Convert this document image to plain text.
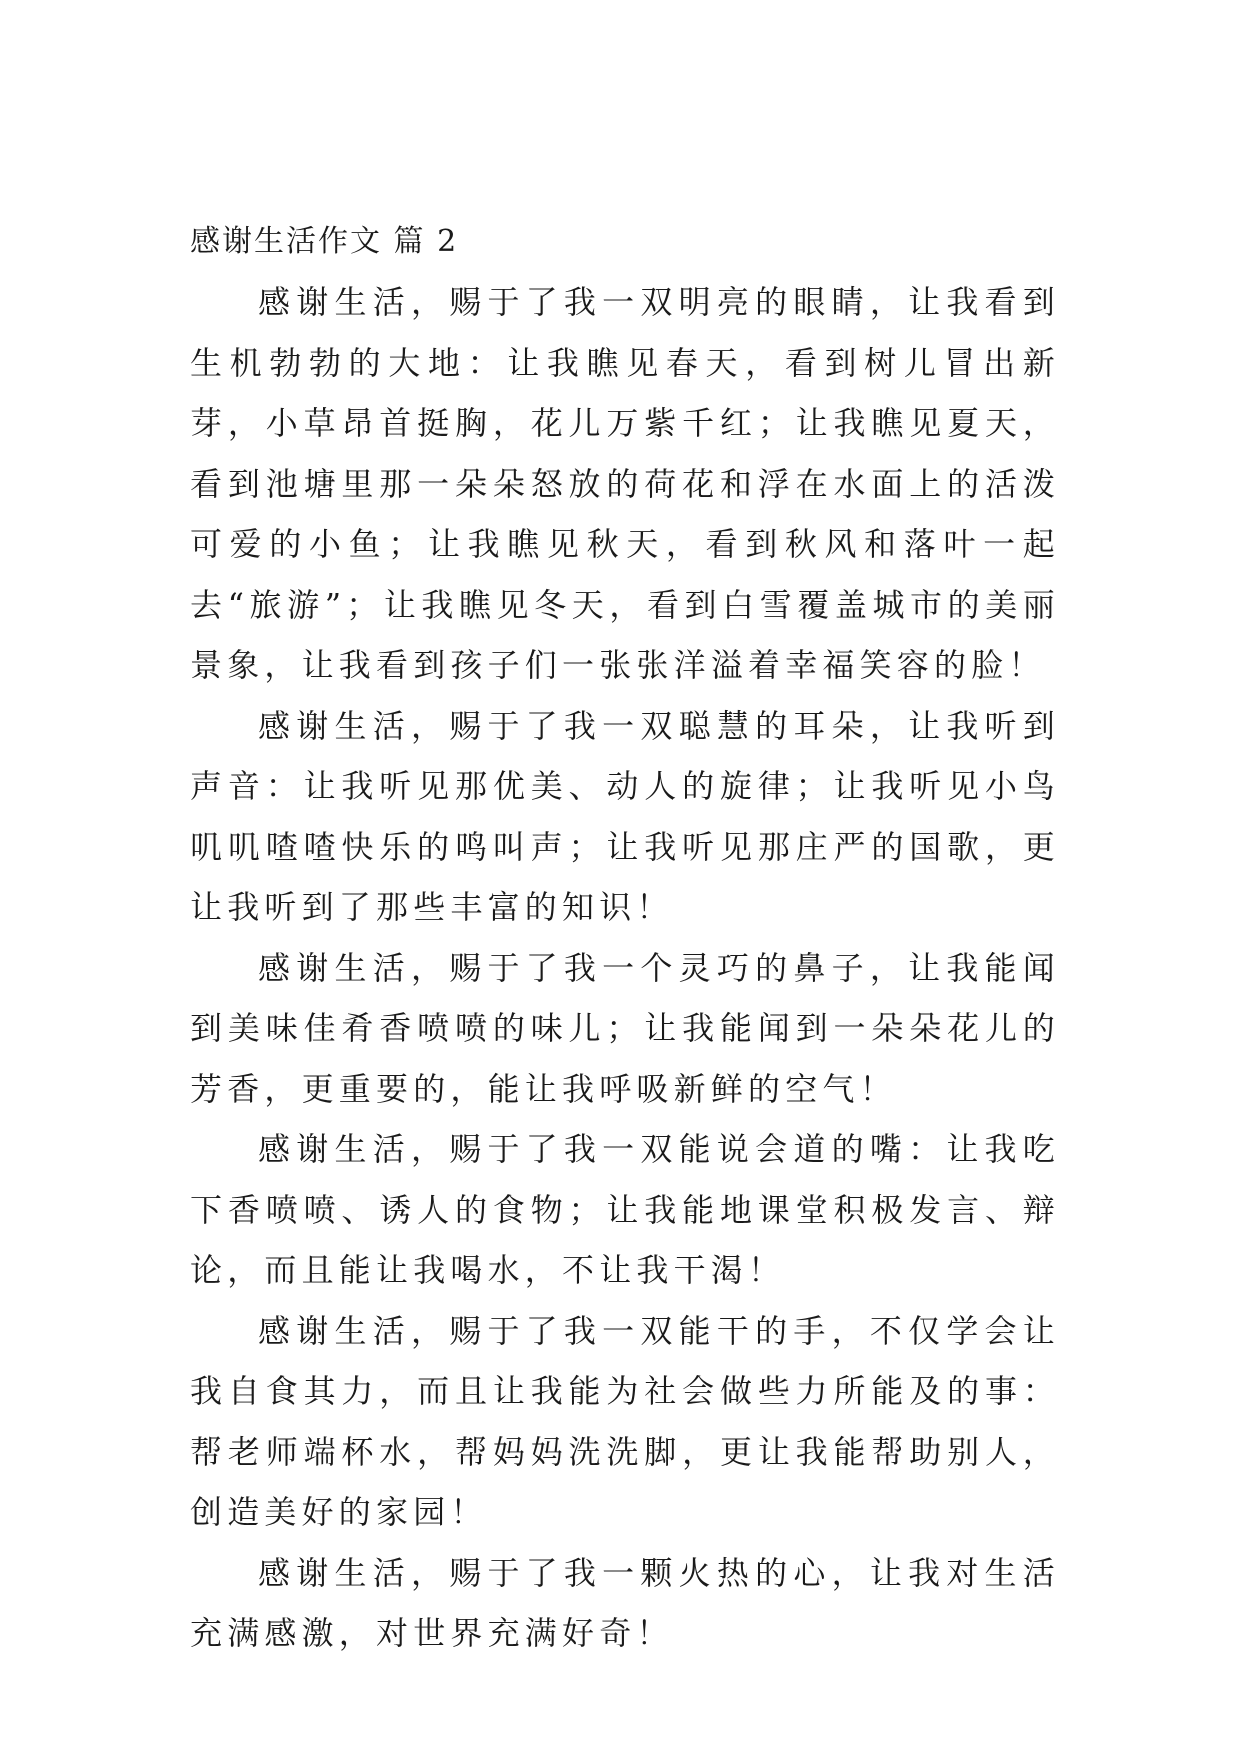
感谢生活作文 篇 2

感谢生活，赐于了我一双明亮的眼睛，让我看到生机勃勃的大地：让我瞧见春天，看到树儿冒出新芽，小草昂首挺胸，花儿万紫千红；让我瞧见夏天，看到池塘里那一朵朵怒放的荷花和浮在水面上的活泼可爱的小鱼；让我瞧见秋天，看到秋风和落叶一起去“旅游”；让我瞧见冬天，看到白雪覆盖城市的美丽景象，让我看到孩子们一张张洋溢着幸福笑容的脸！

感谢生活，赐于了我一双聪慧的耳朵，让我听到声音：让我听见那优美、动人的旋律；让我听见小鸟叽叽喳喳快乐的鸣叫声；让我听见那庄严的国歌，更让我听到了那些丰富的知识！

感谢生活，赐于了我一个灵巧的鼻子，让我能闻到美味佳肴香喷喷的味儿；让我能闻到一朵朵花儿的芳香，更重要的，能让我呼吸新鲜的空气！

感谢生活，赐于了我一双能说会道的嘴：让我吃下香喷喷、诱人的食物；让我能地课堂积极发言、辩论，而且能让我喝水，不让我干渴！

感谢生活，赐于了我一双能干的手，不仅学会让我自食其力，而且让我能为社会做些力所能及的事：帮老师端杯水，帮妈妈洗洗脚，更让我能帮助别人，创造美好的家园！

感谢生活，赐于了我一颗火热的心，让我对生活充满感激，对世界充满好奇！
